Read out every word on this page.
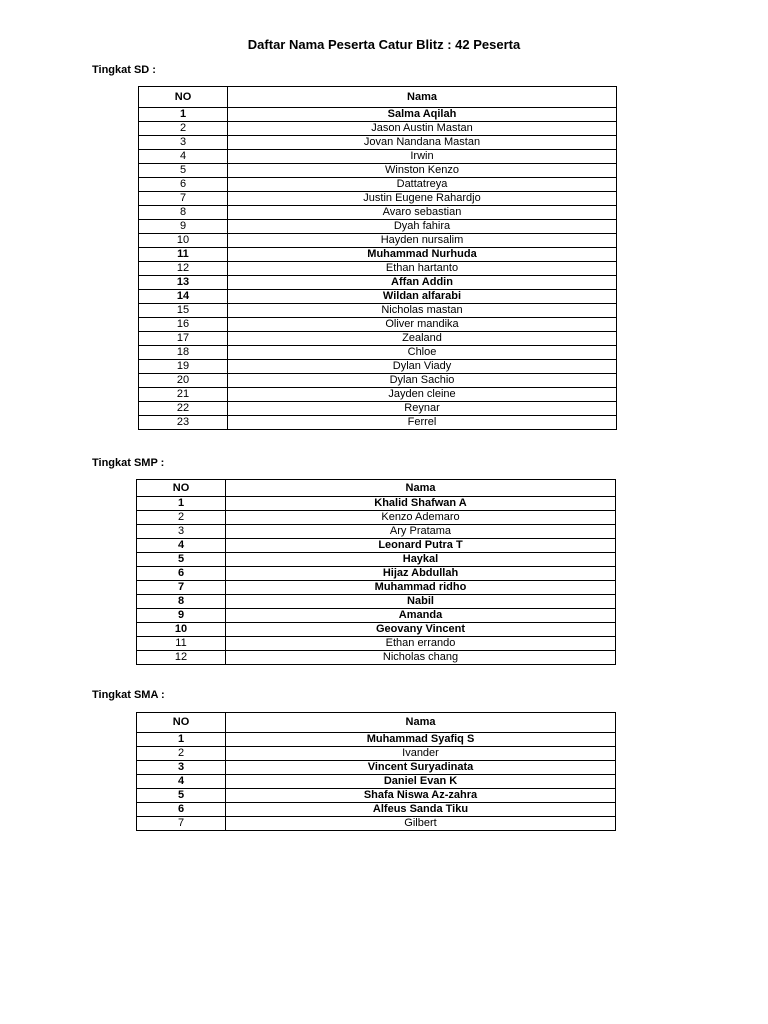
Daftar Nama Peserta Catur Blitz : 42 Peserta
Tingkat SD :
NO	Nama
1	Salma Aqilah
2	Jason Austin Mastan
3	Jovan Nandana Mastan
4	Irwin
5	Winston Kenzo
6	Dattatreya
7	Justin Eugene Rahardjo
8	Avaro sebastian
9	Dyah fahira
10	Hayden nursalim
11	Muhammad Nurhuda
12	Ethan hartanto
13	Affan Addin
14	Wildan alfarabi
15	Nicholas mastan
16	Oliver mandika
17	Zealand
18	Chloe
19	Dylan Viady
20	Dylan Sachio
21	Jayden cleine
22	Reynar
23	Ferrel
Tingkat SMP :
NO	Nama
1	Khalid Shafwan A
2	Kenzo Ademaro
3	Ary Pratama
4	Leonard Putra T
5	Haykal
6	Hijaz Abdullah
7	Muhammad ridho
8	Nabil
9	Amanda
10	Geovany Vincent
11	Ethan errando
12	Nicholas chang
Tingkat SMA :
NO	Nama
1	Muhammad Syafiq S
2	Ivander
3	Vincent Suryadinata
4	Daniel Evan K
5	Shafa Niswa Az-zahra
6	Alfeus Sanda Tiku
7	Gilbert
